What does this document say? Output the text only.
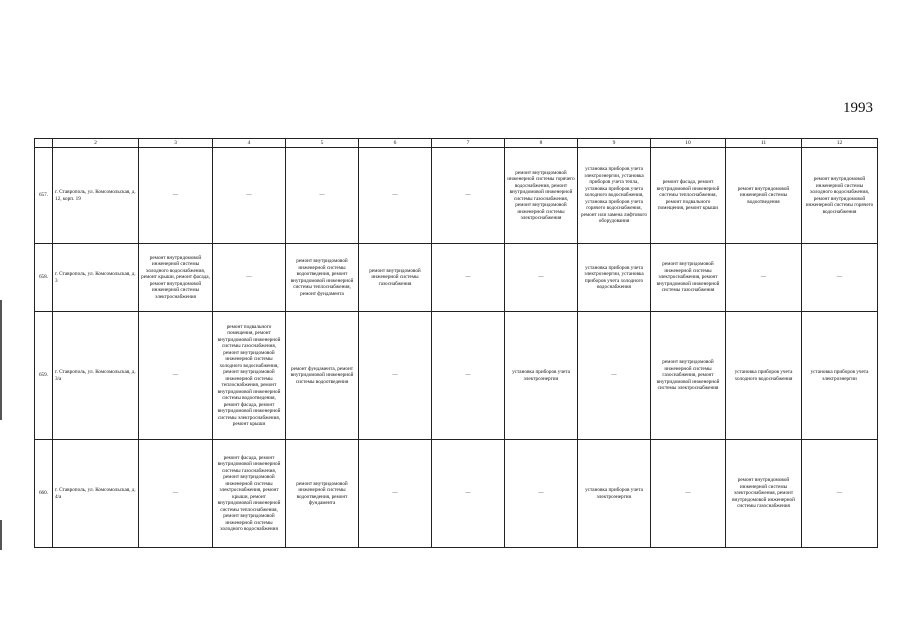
1993
	2	3	4	5	6	7	8	9	10	11	12
657.	г. Ставрополь, ул. Комсомольская, д. 12, корп. 19	—	—	—	—	—	ремонт внутридомовой инженерной системы горячего водоснабжения, ремонт внутридомовой инженерной системы газоснабжения, ремонт внутридомовой инженерной системы электроснабжения	установка приборов учета электроэнергии, установка приборов учета тепла, установка приборов учета холодного водоснабжения, установка приборов учета горячего водоснабжения, ремонт или замена лифтового оборудования	ремонт фасада, ремонт внутридомовой инженерной системы теплоснабжения, ремонт подвального помещения, ремонт крыши	ремонт внутридомовой инженерной системы водоотведения	ремонт внутридомовой инженерной системы холодного водоснабжения, ремонт внутридомовой инженерной системы горячего водоснабжения
658.	г. Ставрополь, ул. Комсомольская, д. 3	ремонт внутридомовой инженерной системы холодного водоснабжения, ремонт крыши, ремонт фасада, ремонт внутридомовой инженерной системы электроснабжения	—	ремонт внутридомовой инженерной системы водоотведения, ремонт внутридомовой инженерной системы теплоснабжения, ремонт фундамента	ремонт внутридомовой инженерной системы газоснабжения	—	—	установка приборов учета электроэнергии, установка приборов учета холодного водоснабжения	ремонт внутридомовой инженерной системы электроснабжения, ремонт внутридомовой инженерной системы газоснабжения	—	—
659.	г. Ставрополь, ул. Комсомольская, д. 3/а	—	ремонт подвального помещения, ремонт внутридомовой инженерной системы газоснабжения, ремонт внутридомовой инженерной системы холодного водоснабжения, ремонт внутридомовой инженерной системы теплоснабжения, ремонт внутридомовой инженерной системы водоотведения, ремонт фасада, ремонт внутридомовой инженерной системы электроснабжения, ремонт крыши	ремонт фундамента, ремонт внутридомовой инженерной системы водоотведения	—	—	установка приборов учета электроэнергии	—	ремонт внутридомовой инженерной системы газоснабжения, ремонт внутридомовой инженерной системы электроснабжения	установка приборов учета холодного водоснабжения	установка приборов учета электроэнергии
660.	г. Ставрополь, ул. Комсомольская, д. 4/а	—	ремонт фасада, ремонт внутридомовой инженерной системы газоснабжения, ремонт внутридомовой инженерной системы электроснабжения, ремонт крыши, ремонт внутридомовой инженерной системы теплоснабжения, ремонт внутридомовой инженерной системы холодного водоснабжения	ремонт внутридомовой инженерной системы водоотведения, ремонт фундамента	—	—	—	установка приборов учета электроэнергии	—	ремонт внутридомовой инженерной системы электроснабжения, ремонт внутридомовой инженерной системы газоснабжения	—
